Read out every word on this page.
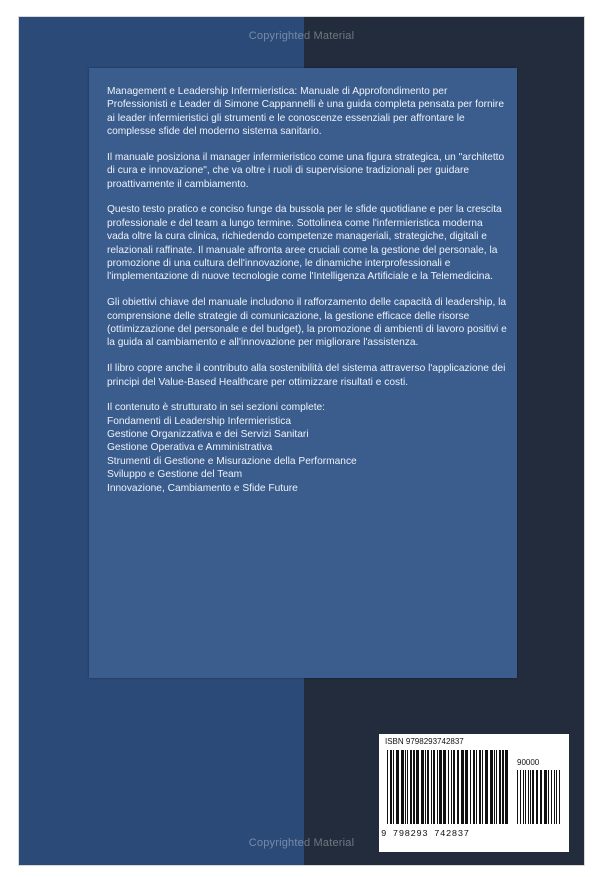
Copyrighted Material

Management e Leadership Infermieristica: Manuale di Approfondimento per Professionisti e Leader di Simone Cappannelli è una guida completa pensata per fornire ai leader infermieristici gli strumenti e le conoscenze essenziali per affrontare le complesse sfide del moderno sistema sanitario.

Il manuale posiziona il manager infermieristico come una figura strategica, un "architetto di cura e innovazione", che va oltre i ruoli di supervisione tradizionali per guidare proattivamente il cambiamento.

Questo testo pratico e conciso funge da bussola per le sfide quotidiane e per la crescita professionale e del team a lungo termine. Sottolinea come l'infermieristica moderna vada oltre la cura clinica, richiedendo competenze manageriali, strategiche, digitali e relazionali raffinate. Il manuale affronta aree cruciali come la gestione del personale, la promozione di una cultura dell'innovazione, le dinamiche interprofessionali e l'implementazione di nuove tecnologie come l'Intelligenza Artificiale e la Telemedicina.

Gli obiettivi chiave del manuale includono il rafforzamento delle capacità di leadership, la comprensione delle strategie di comunicazione, la gestione efficace delle risorse (ottimizzazione del personale e del budget), la promozione di ambienti di lavoro positivi e la guida al cambiamento e all'innovazione per migliorare l'assistenza.

Il libro copre anche il contributo alla sostenibilità del sistema attraverso l'applicazione dei principi del Value-Based Healthcare per ottimizzare risultati e costi.

Il contenuto è strutturato in sei sezioni complete:
Fondamenti di Leadership Infermieristica
Gestione Organizzativa e dei Servizi Sanitari
Gestione Operativa e Amministrativa
Strumenti di Gestione e Misurazione della Performance
Sviluppo e Gestione del Team
Innovazione, Cambiamento e Sfide Future
ISBN 9798293742837
90000
9 798293 742837
Copyrighted Material
